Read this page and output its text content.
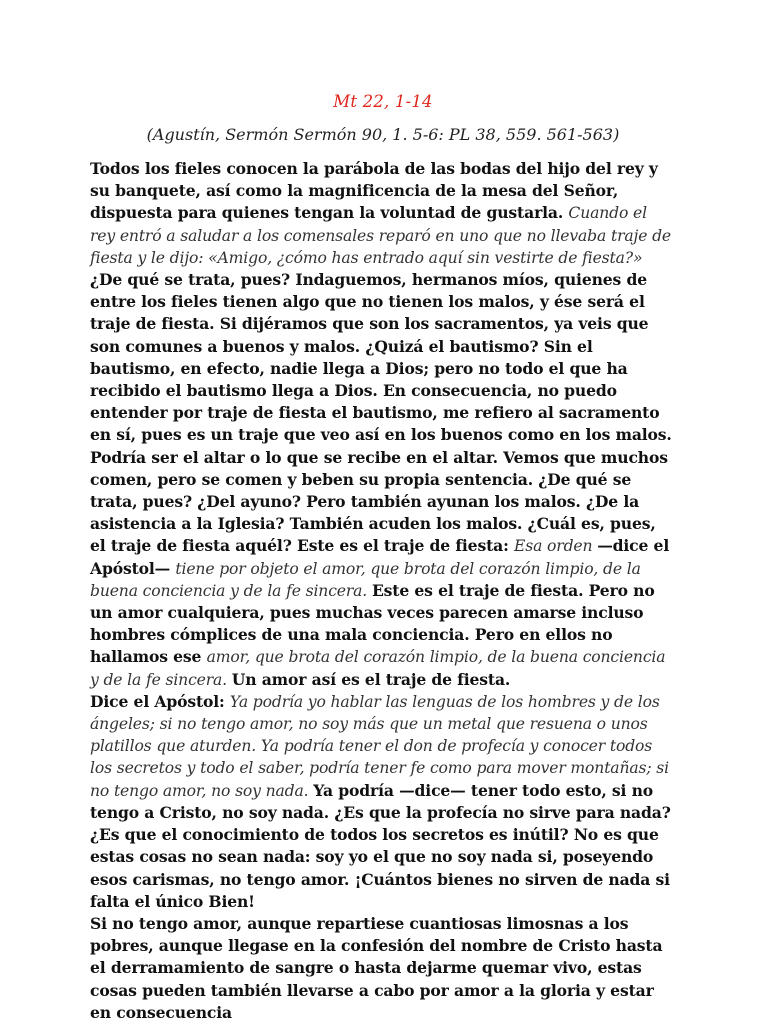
Mt 22, 1-14
(Agustín, Sermón Sermón 90, 1. 5-6: PL 38, 559. 561-563)

Todos los fieles conocen la parábola de las bodas del hijo del rey y su banquete, así como la magnificencia de la mesa del Señor, dispuesta para quienes tengan la voluntad de gustarla. Cuando el rey entró a saludar a los comensales reparó en uno que no llevaba traje de fiesta y le dijo: «Amigo, ¿cómo has entrado aquí sin vestirte de fiesta?»

¿De qué se trata, pues? Indaguemos, hermanos míos, quienes de entre los fieles tienen algo que no tienen los malos, y ése será el traje de fiesta. Si dijéramos que son los sacramentos, ya veis que son comunes a buenos y malos. ¿Quizá el bautismo? Sin el bautismo, en efecto, nadie llega a Dios; pero no todo el que ha recibido el bautismo llega a Dios. En consecuencia, no puedo entender por traje de fiesta el bautismo, me refiero al sacramento en sí, pues es un traje que veo así en los buenos como en los malos. Podría ser el altar o lo que se recibe en el altar. Vemos que muchos comen, pero se comen y beben su propia sentencia. ¿De qué se trata, pues? ¿Del ayuno? Pero también ayunan los malos. ¿De la asistencia a la Iglesia? También acuden los malos. ¿Cuál es, pues, el traje de fiesta aquél? Este es el traje de fiesta: Esa orden —dice el Apóstol— tiene por objeto el amor, que brota del corazón limpio, de la buena conciencia y de la fe sincera. Este es el traje de fiesta. Pero no un amor cualquiera, pues muchas veces parecen amarse incluso hombres cómplices de una mala conciencia. Pero en ellos no hallamos ese amor, que brota del corazón limpio, de la buena conciencia y de la fe sincera. Un amor así es el traje de fiesta.

Dice el Apóstol: Ya podría yo hablar las lenguas de los hombres y de los ángeles; si no tengo amor, no soy más que un metal que resuena o unos platillos que aturden. Ya podría tener el don de profecía y conocer todos los secretos y todo el saber, podría tener fe como para mover montañas; si no tengo amor, no soy nada. Ya podría —dice— tener todo esto, si no tengo a Cristo, no soy nada. ¿Es que la profecía no sirve para nada? ¿Es que el conocimiento de todos los secretos es inútil? No es que estas cosas no sean nada: soy yo el que no soy nada si, poseyendo esos carismas, no tengo amor. ¡Cuántos bienes no sirven de nada si falta el único Bien!

Si no tengo amor, aunque repartiese cuantiosas limosnas a los pobres, aunque llegase en la confesión del nombre de Cristo hasta el derramamiento de sangre o hasta dejarme quemar vivo, estas cosas pueden también llevarse a cabo por amor a la gloria y estar en consecuencia
